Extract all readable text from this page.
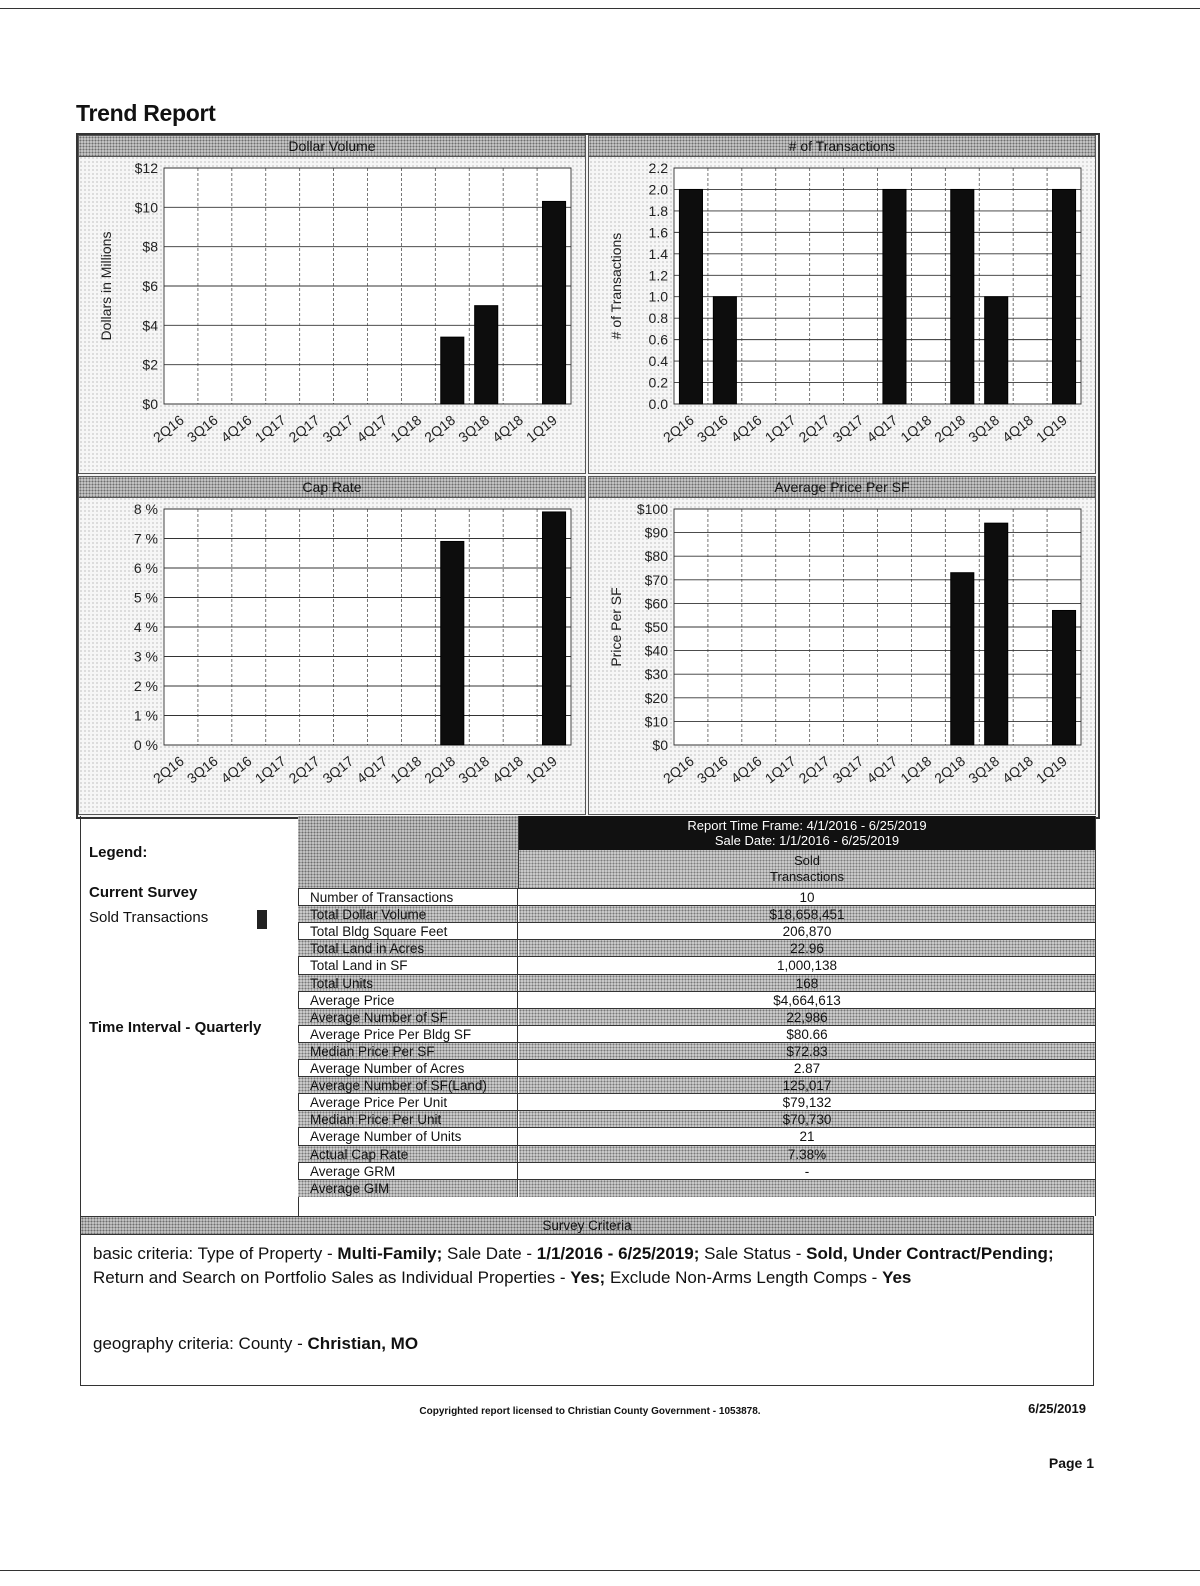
Trend Report
Dollar Volume
$0
$2
$4
$6
$8
$10
$12
Dollars in Millions
2Q16
3Q16
4Q16
1Q17
2Q17
3Q17
4Q17
1Q18
2Q18
3Q18
4Q18
1Q19
# of Transactions
0.0
0.2
0.4
0.6
0.8
1.0
1.2
1.4
1.6
1.8
2.0
2.2
# of Transactions
2Q16
3Q16
4Q16
1Q17
2Q17
3Q17
4Q17
1Q18
2Q18
3Q18
4Q18
1Q19
Cap Rate
0 %
1 %
2 %
3 %
4 %
5 %
6 %
7 %
8 %
2Q16
3Q16
4Q16
1Q17
2Q17
3Q17
4Q17
1Q18
2Q18
3Q18
4Q18
1Q19
Average Price Per SF
$0
$10
$20
$30
$40
$50
$60
$70
$80
$90
$100
Price Per SF
2Q16
3Q16
4Q16
1Q17
2Q17
3Q17
4Q17
1Q18
2Q18
3Q18
4Q18
1Q19
Legend:
Current Survey
Sold Transactions
Time Interval - Quarterly
Report Time Frame: 4/1/2016 - 6/25/2019
Sale Date: 1/1/2016 - 6/25/2019
Sold
Transactions
Number of Transactions	10
Total Dollar Volume	$18,658,451
Total Bldg Square Feet	206,870
Total Land in Acres	22.96
Total Land in SF	1,000,138
Total Units	168
Average Price	$4,664,613
Average Number of SF	22,986
Average Price Per Bldg SF	$80.66
Median Price Per SF	$72.83
Average Number of Acres	2.87
Average Number of SF(Land)	125,017
Average Price Per Unit	$79,132
Median Price Per Unit	$70,730
Average Number of Units	21
Actual Cap Rate	7.38%
Average GRM	-
Average GIM
Survey Criteria
basic criteria: Type of Property - Multi-Family; Sale Date - 1/1/2016 - 6/25/2019; Sale Status - Sold, Under Contract/Pending; Return and Search on Portfolio Sales as Individual Properties - Yes; Exclude Non-Arms Length Comps - Yes
geography criteria: County - Christian, MO
Copyrighted report licensed to Christian County Government - 1053878.	6/25/2019
Page 1
